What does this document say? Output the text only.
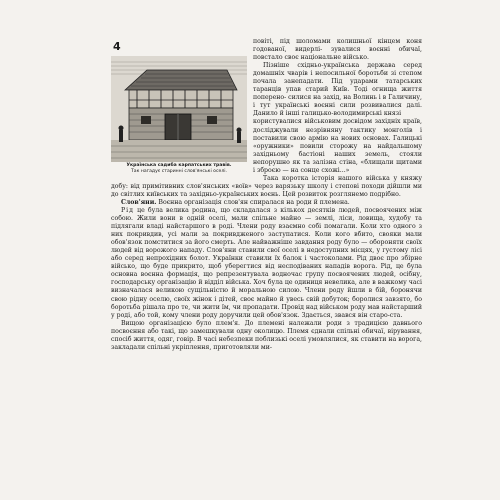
4
Українська садиба карпатських травів.
Так нагадує старинні слов'янські оселі.

повіті, під шоломами колишньої кінцем коня годованої, видерлі- зувалися воєнні обичаї, повстало своє національне військо.

Пізніше східньо-українська держава серед домашніх чварів і непосильної боротьби зі степом почала занепадати. Під ударами татарських таранців упав старий Київ. Тоді огнища життя поперено- силися на захід, на Волинь і в Галичину, і тут українські воєнні сили розвивалися далі. Данило й інші галицько-володимирські князі

користувалися військовим досвідом західніх країв, досліджували незрівняну тактику монголів і поставили свою армію на нових основах. Галицькі «оружники» повили сторожу на найдальшому західньому бастіоні наших земель, стояли непорушно як та залізна стіна, «блищали щитами і зброєю — на сонце схожі...»

Така коротка історія нашого війська у княжу добу: від примітивних слов'янських «воїв» через варязьку школу і степові походи дійшли ми до світлих київських та західньо-українських воєнь. Цей розвиток розглянемо подрібно.

Слов'яни. Воєнна організація слов'ян спиралася на роди й племена.

Рід це була велика родина, що складалася з кількох десятків людей, посвоячених між собою. Жили вони в одній оселі, мали спільне майно — землі, ліси, ловища, худобу та підлягали владі найстаршого в роді. Члени роду взаємно собі помагали. Коли хто одного з них покривдив, усі мали за покривдженого заступатися. Коли кого вбито, свояки мали обов'язок помститися за його смерть. Але найважніше завдання роду було — обороняти своїх людей від ворожого нападу. Слов'яни ставили свої оселі в недоступних місцях, у густому лісі або серед непрохідних болот. Українки ставили їх балок і частоколами. Рід двоє про збірне військо, що буде прикрито, щоб уберегтися від несподіваних нападів ворога. Рід, це була основна воєнна формація, що репрезентувала водночас групу посвоячених людей, осібну, господарську організацію й відділ війська. Хоч була це одиниця невелика, але в важкому часі визначалася великою сущільністю й моральною силою. Члени роду йшли в бій, боронячи свою рідну оселю, своїх жінок і дітей, своє майно й увесь свій добуток; боролися завзято, бо боротьба рішала про те, чи жити їм, чи пропадати. Провід над військом роду мав найстарший у роді, або той, кому члени роду доручили цей обов'язок. Здається, звався він старо-ста.

Вищою організацією було плем'я. До племені належали роди з традицією давнього посвоєння або такі, що замешкували одну околицю. Племя єднали спільні обичаї, вірування, спосіб життя, одяг, говір. В часі небезпеки поблизькі оселі умовлялися, як ставити на ворога, закладали спільні укріплення, приготовляли ми-
